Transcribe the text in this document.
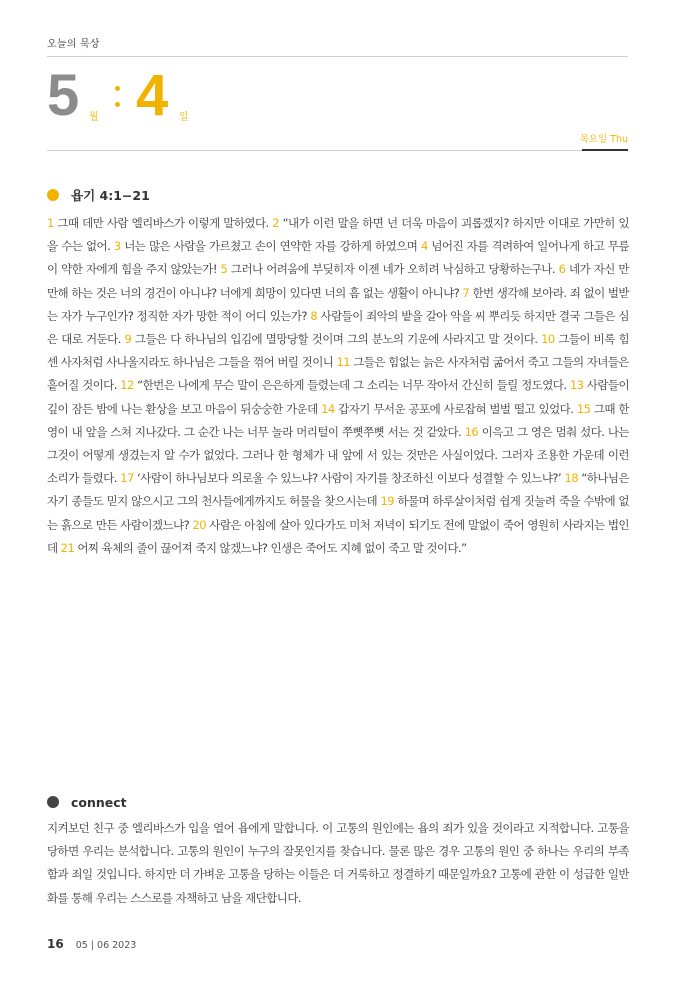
오늘의 묵상
5 월 4 일
목요일 Thu
욥기 4:1−21
1 그때 데만 사람 엘리바스가 이렇게 말하였다. 2 “내가 이런 말을 하면 넌 더욱 마음이 괴롭겠지? 하지만 이대로 가만히 있을 수는 없어. 3 너는 많은 사람을 가르쳤고 손이 연약한 자를 강하게 하였으며 4 넘어진 자를 격려하여 일어나게 하고 무릎이 약한 자에게 힘을 주지 않았는가! 5 그러나 어려움에 부딪히자 이젠 네가 오히려 낙심하고 당황하는구나. 6 네가 자신 만만해 하는 것은 너의 경건이 아니냐? 너에게 희망이 있다면 너의 흠 없는 생활이 아니냐? 7 한번 생각해 보아라. 죄 없이 벌받는 자가 누구인가? 정직한 자가 망한 적이 어디 있는가? 8 사람들이 죄악의 밭을 갈아 악을 씨 뿌리듯 하지만 결국 그들은 심은 대로 거둔다. 9 그들은 다 하나님의 입김에 멸망당할 것이며 그의 분노의 기운에 사라지고 말 것이다. 10 그들이 비록 힘 센 사자처럼 사나울지라도 하나님은 그들을 꺾어 버릴 것이니 11 그들은 힘없는 늙은 사자처럼 굶어서 죽고 그들의 자녀들은 흩어질 것이다. 12 “한번은 나에게 무슨 말이 은은하게 들렸는데 그 소리는 너무 작아서 간신히 들릴 정도였다. 13 사람들이 깊이 잠든 밤에 나는 환상을 보고 마음이 뒤숭숭한 가운데 14 갑자기 무서운 공포에 사로잡혀 벌벌 떨고 있었다. 15 그때 한 영이 내 앞을 스쳐 지나갔다. 그 순간 나는 너무 놀라 머리털이 쭈뼛쭈뼛 서는 것 같았다. 16 이윽고 그 영은 멈춰 섰다. 나는 그것이 어떻게 생겼는지 알 수가 없었다. 그러나 한 형체가 내 앞에 서 있는 것만은 사실이었다. 그러자 조용한 가운데 이런 소리가 들렸다. 17 ‘사람이 하나님보다 의로울 수 있느냐? 사람이 자기를 창조하신 이보다 성결할 수 있느냐?’ 18 “하나님은 자기 종들도 믿지 않으시고 그의 천사들에게까지도 허물을 찾으시는데 19 하물며 하루살이처럼 쉽게 짓눌려 죽을 수밖에 없는 흙으로 만든 사람이겠느냐? 20 사람은 아침에 살아 있다가도 미처 저녁이 되기도 전에 말없이 죽어 영원히 사라지는 법인데 21 어찌 육체의 줄이 끊어져 죽지 않겠느냐? 인생은 죽어도 지혜 없이 죽고 말 것이다.”
connect
지켜보던 친구 중 엘리바스가 입을 열어 욥에게 말합니다. 이 고통의 원인에는 욥의 죄가 있을 것이라고 지적합니다. 고통을 당하면 우리는 분석합니다. 고통의 원인이 누구의 잘못인지를 찾습니다. 물론 많은 경우 고통의 원인 중 하나는 우리의 부족함과 죄일 것입니다. 하지만 더 가벼운 고통을 당하는 이들은 더 거룩하고 정결하기 때문일까요? 고통에 관한 이 성급한 일반화를 통해 우리는 스스로를 자책하고 남을 재단합니다.
16 05 | 06 2023
